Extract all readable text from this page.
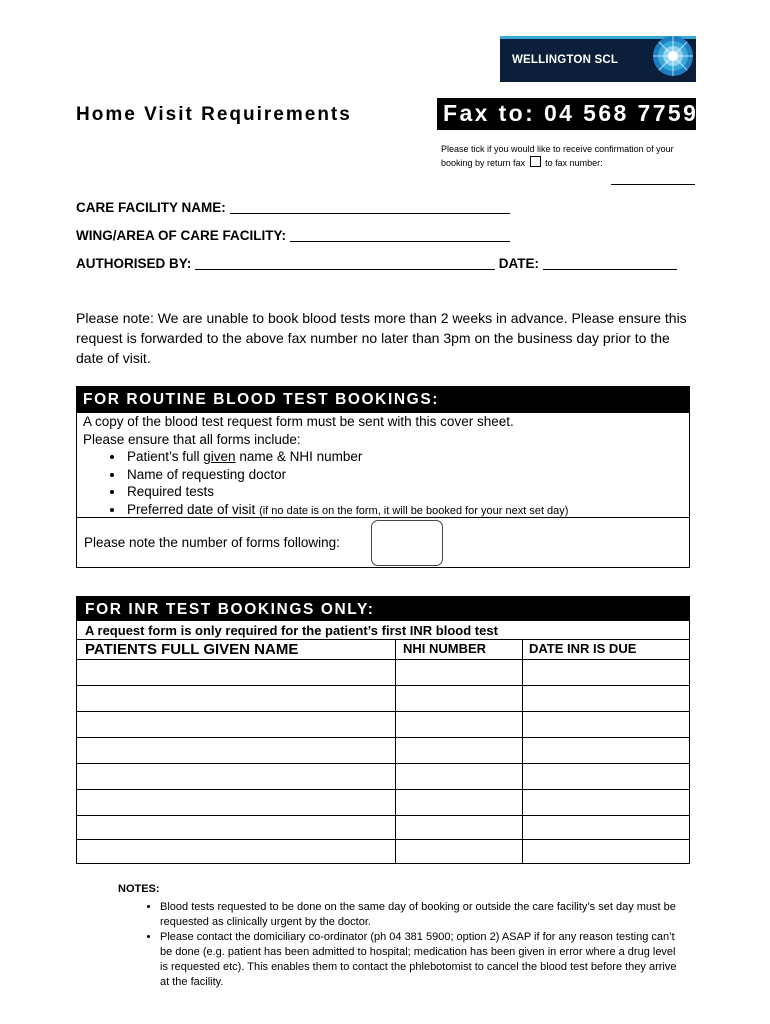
WELLINGTON SCL
Home Visit Requirements	Fax to: 04 568 7759
Please tick if you would like to receive confirmation of your booking by return fax to fax number:
CARE FACILITY NAME:
WING/AREA OF CARE FACILITY:
AUTHORISED BY:	DATE:
Please note: We are unable to book blood tests more than 2 weeks in advance. Please ensure this request is forwarded to the above fax number no later than 3pm on the business day prior to the date of visit.
FOR ROUTINE BLOOD TEST BOOKINGS:
A copy of the blood test request form must be sent with this cover sheet.
Please ensure that all forms include:
• Patient’s full given name & NHI number
• Name of requesting doctor
• Required tests
• Preferred date of visit (if no date is on the form, it will be booked for your next set day)
Please note the number of forms following:
FOR INR TEST BOOKINGS ONLY:
A request form is only required for the patient’s first INR blood test
PATIENTS FULL GIVEN NAME	NHI NUMBER	DATE INR IS DUE
NOTES:
• Blood tests requested to be done on the same day of booking or outside the care facility’s set day must be requested as clinically urgent by the doctor.
• Please contact the domiciliary co-ordinator (ph 04 381 5900; option 2) ASAP if for any reason testing can’t be done (e.g. patient has been admitted to hospital; medication has been given in error where a drug level is requested etc). This enables them to contact the phlebotomist to cancel the blood test before they arrive at the facility.
